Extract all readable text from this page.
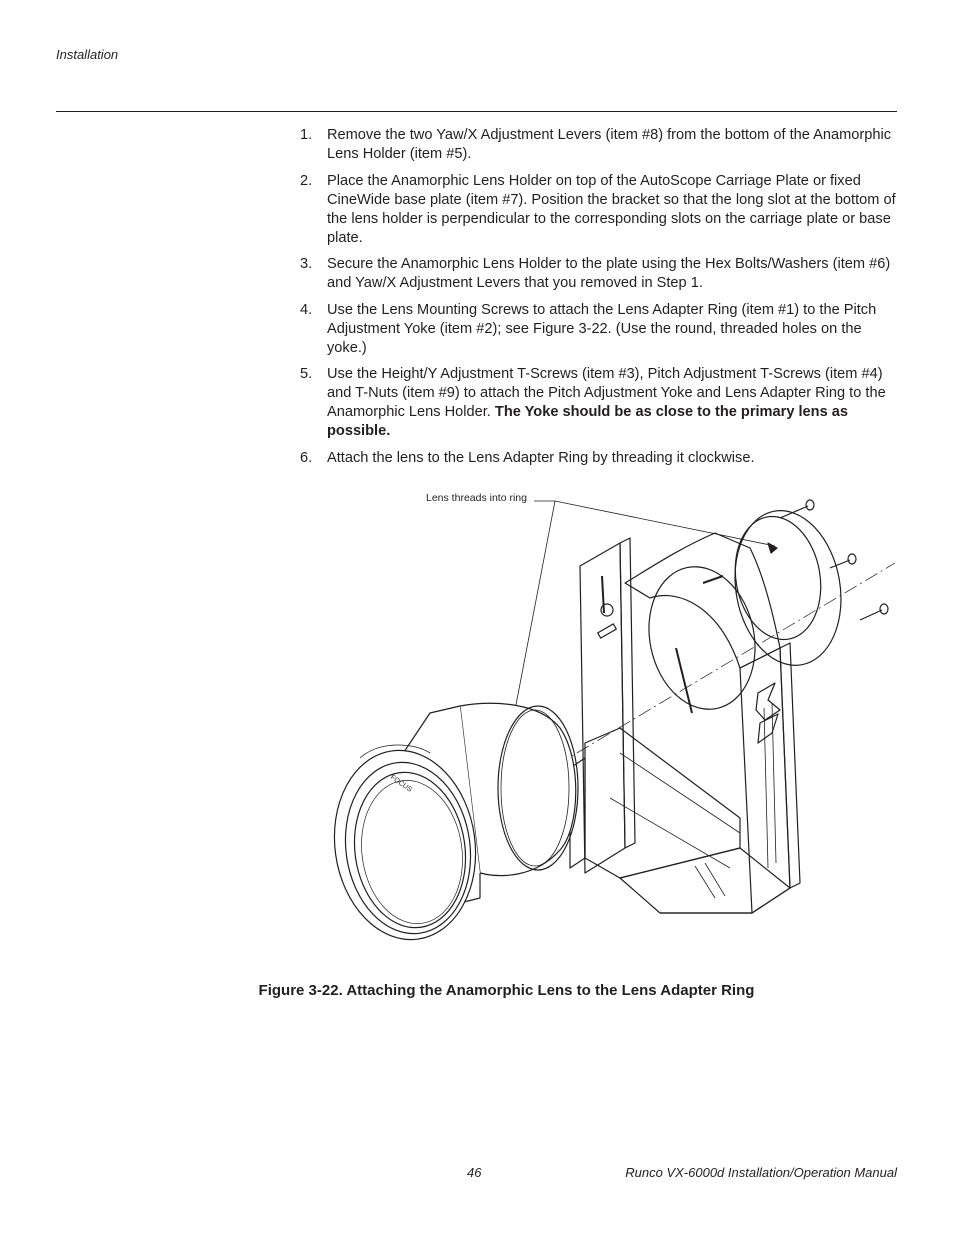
Installation
1. Remove the two Yaw/X Adjustment Levers (item #8) from the bottom of the Anamorphic Lens Holder (item #5).
2. Place the Anamorphic Lens Holder on top of the AutoScope Carriage Plate or fixed CineWide base plate (item #7). Position the bracket so that the long slot at the bottom of the lens holder is perpendicular to the corresponding slots on the carriage plate or base plate.
3. Secure the Anamorphic Lens Holder to the plate using the Hex Bolts/Washers (item #6) and Yaw/X Adjustment Levers that you removed in Step 1.
4. Use the Lens Mounting Screws to attach the Lens Adapter Ring (item #1) to the Pitch Adjustment Yoke (item #2); see Figure 3-22. (Use the round, threaded holes on the yoke.)
5. Use the Height/Y Adjustment T-Screws (item #3), Pitch Adjustment T-Screws (item #4) and T-Nuts (item #9) to attach the Pitch Adjustment Yoke and Lens Adapter Ring to the Anamorphic Lens Holder. The Yoke should be as close to the primary lens as possible.
6. Attach the lens to the Lens Adapter Ring by threading it clockwise.
FOCUS
Lens threads into ring
Figure 3-22. Attaching the Anamorphic Lens to the Lens Adapter Ring
46	Runco VX-6000d Installation/Operation Manual
